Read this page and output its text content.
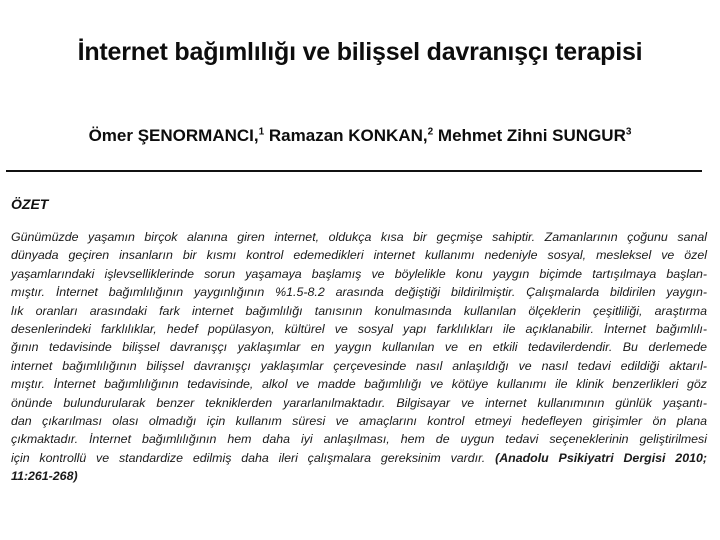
İnternet bağımlılığı ve bilişsel davranışçı terapisi
Ömer ŞENORMANCI,$^1$ Ramazan KONKAN,$^2$ Mehmet Zihni SUNGUR$^3$
ÖZET
Günümüzde yaşamın birçok alanına giren internet, oldukça kısa bir geçmişe sahiptir. Zamanlarının çoğunu sanal
dünyada geçiren insanların bir kısmı kontrol edemedikleri internet kullanımı nedeniyle sosyal, mesleksel ve özel
yaşamlarındaki işlevselliklerinde sorun yaşamaya başlamış ve böylelikle konu yaygın biçimde tartışılmaya başlan-
mıştır. İnternet bağımlılığının yaygınlığının %1.5-8.2 arasında değiştiği bildirilmiştir. Çalışmalarda bildirilen yaygın-
lık oranları arasındaki fark internet bağımlılığı tanısının konulmasında kullanılan ölçeklerin çeşitliliği, araştırma
desenlerindeki farklılıklar, hedef popülasyon, kültürel ve sosyal yapı farklılıkları ile açıklanabilir. İnternet bağımlılı-
ğının tedavisinde bilişsel davranışçı yaklaşımlar en yaygın kullanılan ve en etkili tedavilerdendir. Bu derlemede
internet bağımlılığının bilişsel davranışçı yaklaşımlar çerçevesinde nasıl anlaşıldığı ve nasıl tedavi edildiği aktarıl-
mıştır. İnternet bağımlılığının tedavisinde, alkol ve madde bağımlılığı ve kötüye kullanımı ile klinik benzerlikleri göz
önünde bulundurularak benzer tekniklerden yararlanılmaktadır. Bilgisayar ve internet kullanımının günlük yaşantı-
dan çıkarılması olası olmadığı için kullanım süresi ve amaçlarını kontrol etmeyi hedefleyen girişimler ön plana
çıkmaktadır. İnternet bağımlılığının hem daha iyi anlaşılması, hem de uygun tedavi seçeneklerinin geliştirilmesi
için kontrollü ve standardize edilmiş daha ileri çalışmalara gereksinim vardır. (Anadolu Psikiyatri Dergisi 2010;
11:261-268)
